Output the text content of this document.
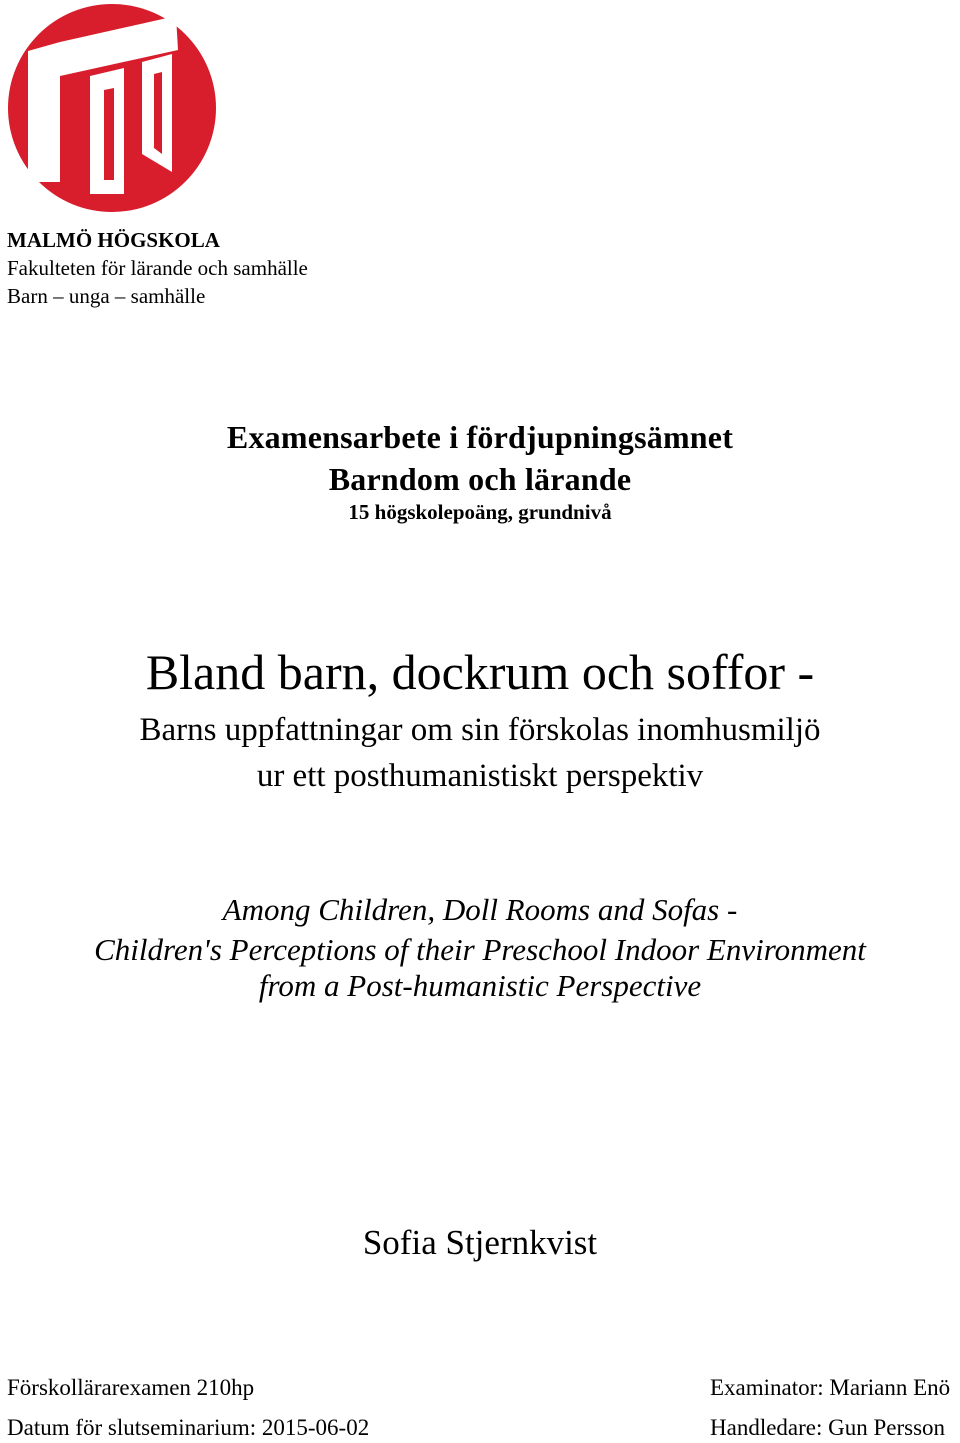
MALMÖ HÖGSKOLA
Fakulteten för lärande och samhälle
Barn – unga – samhälle
Examensarbete i fördjupningsämnet
Barndom och lärande
15 högskolepoäng, grundnivå
Bland barn, dockrum och soffor -
Barns uppfattningar om sin förskolas inomhusmiljö
ur ett posthumanistiskt perspektiv
Among Children, Doll Rooms and Sofas -
Children's Perceptions of their Preschool Indoor Environment
from a Post-humanistic Perspective
Sofia Stjernkvist
Förskollärarexamen 210hp
Datum för slutseminarium: 2015-06-02
Examinator: Mariann Enö
Handledare: Gun Persson
